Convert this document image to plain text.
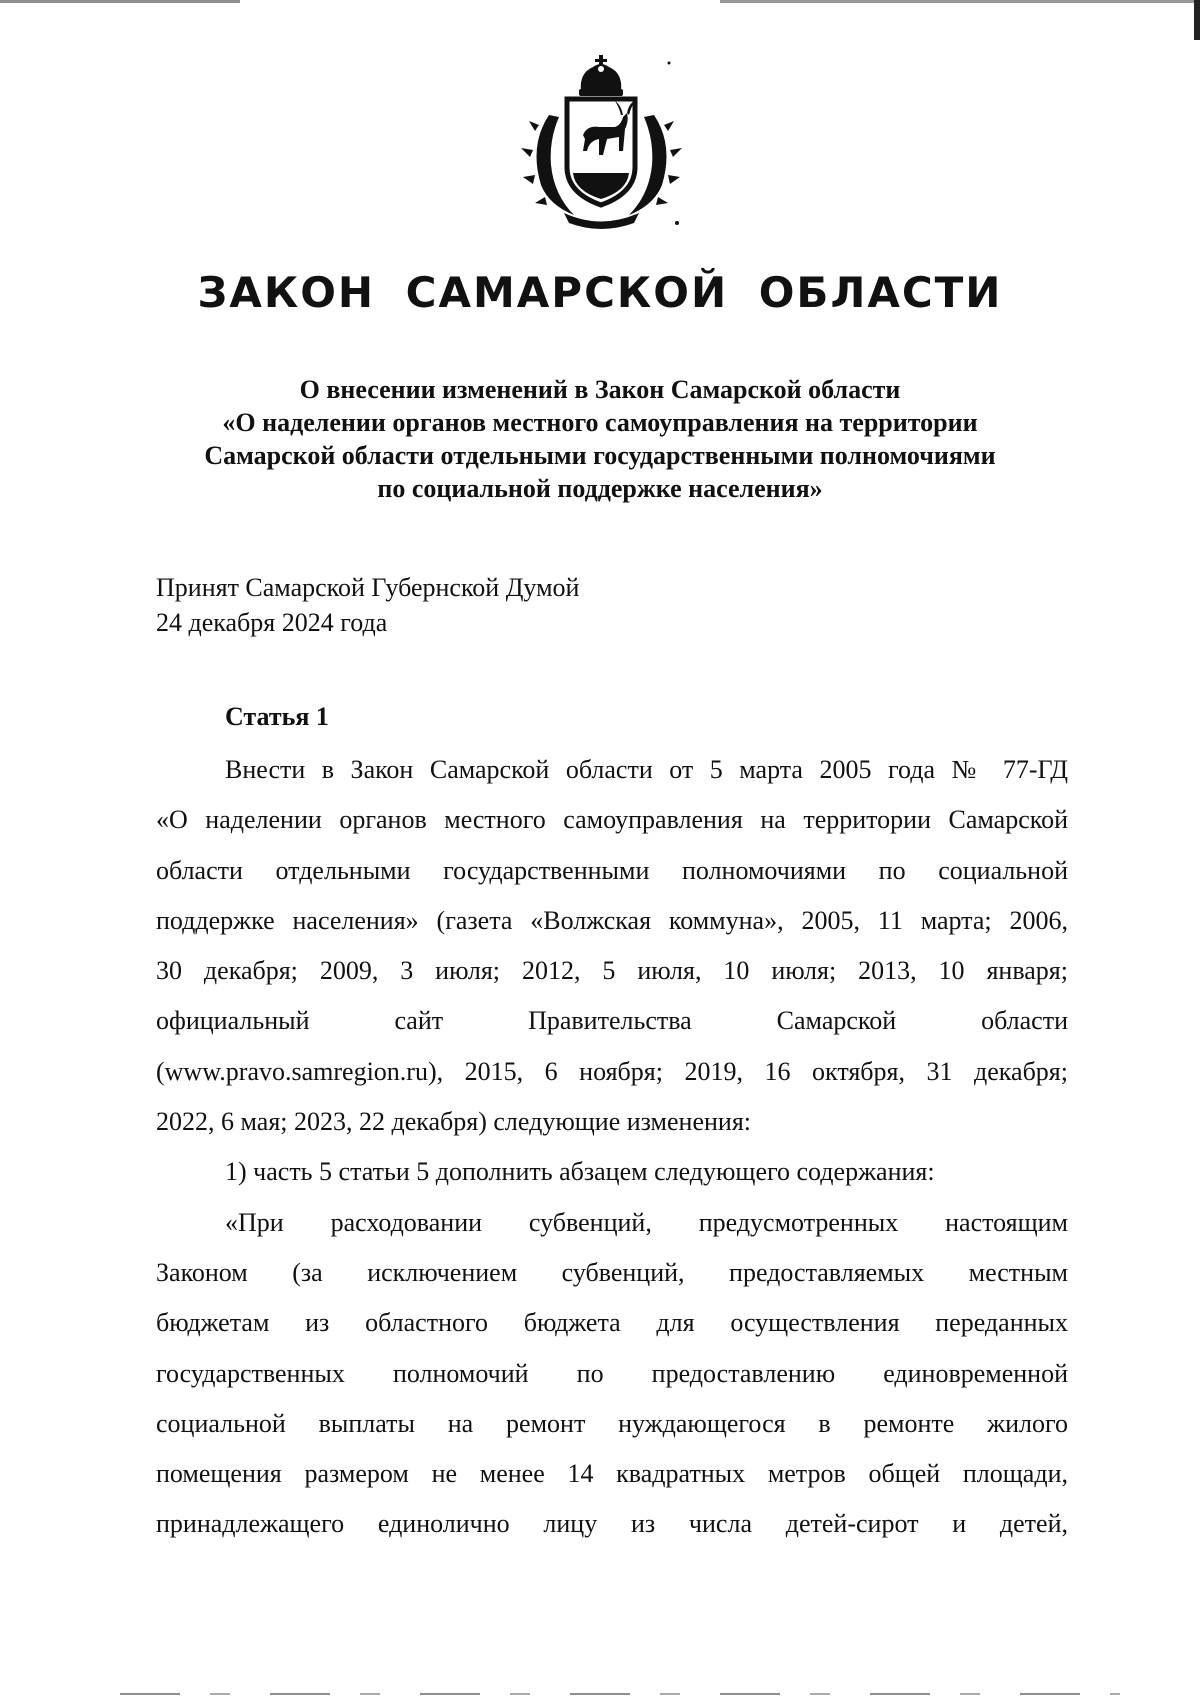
ЗАКОН САМАРСКОЙ ОБЛАСТИ
О внесении изменений в Закон Самарской области
«О наделении органов местного самоуправления на территории
Самарской области отдельными государственными полномочиями
по социальной поддержке населения»

Принят Самарской Губернской Думой
24 декабря 2024 года

Статья 1
Внести в Закон Самарской области от 5 марта 2005 года № 77-ГД
«О наделении органов местного самоуправления на территории Самарской
области отдельными государственными полномочиями по социальной
поддержке населения» (газета «Волжская коммуна», 2005, 11 марта; 2006,
30 декабря; 2009, 3 июля; 2012, 5 июля, 10 июля; 2013, 10 января;
официальный сайт Правительства Самарской области
(www.pravo.samregion.ru), 2015, 6 ноября; 2019, 16 октября, 31 декабря;
2022, 6 мая; 2023, 22 декабря) следующие изменения:
1) часть 5 статьи 5 дополнить абзацем следующего содержания:
«При расходовании субвенций, предусмотренных настоящим
Законом (за исключением субвенций, предоставляемых местным
бюджетам из областного бюджета для осуществления переданных
государственных полномочий по предоставлению единовременной
социальной выплаты на ремонт нуждающегося в ремонте жилого
помещения размером не менее 14 квадратных метров общей площади,
принадлежащего единолично лицу из числа детей-сирот и детей,
